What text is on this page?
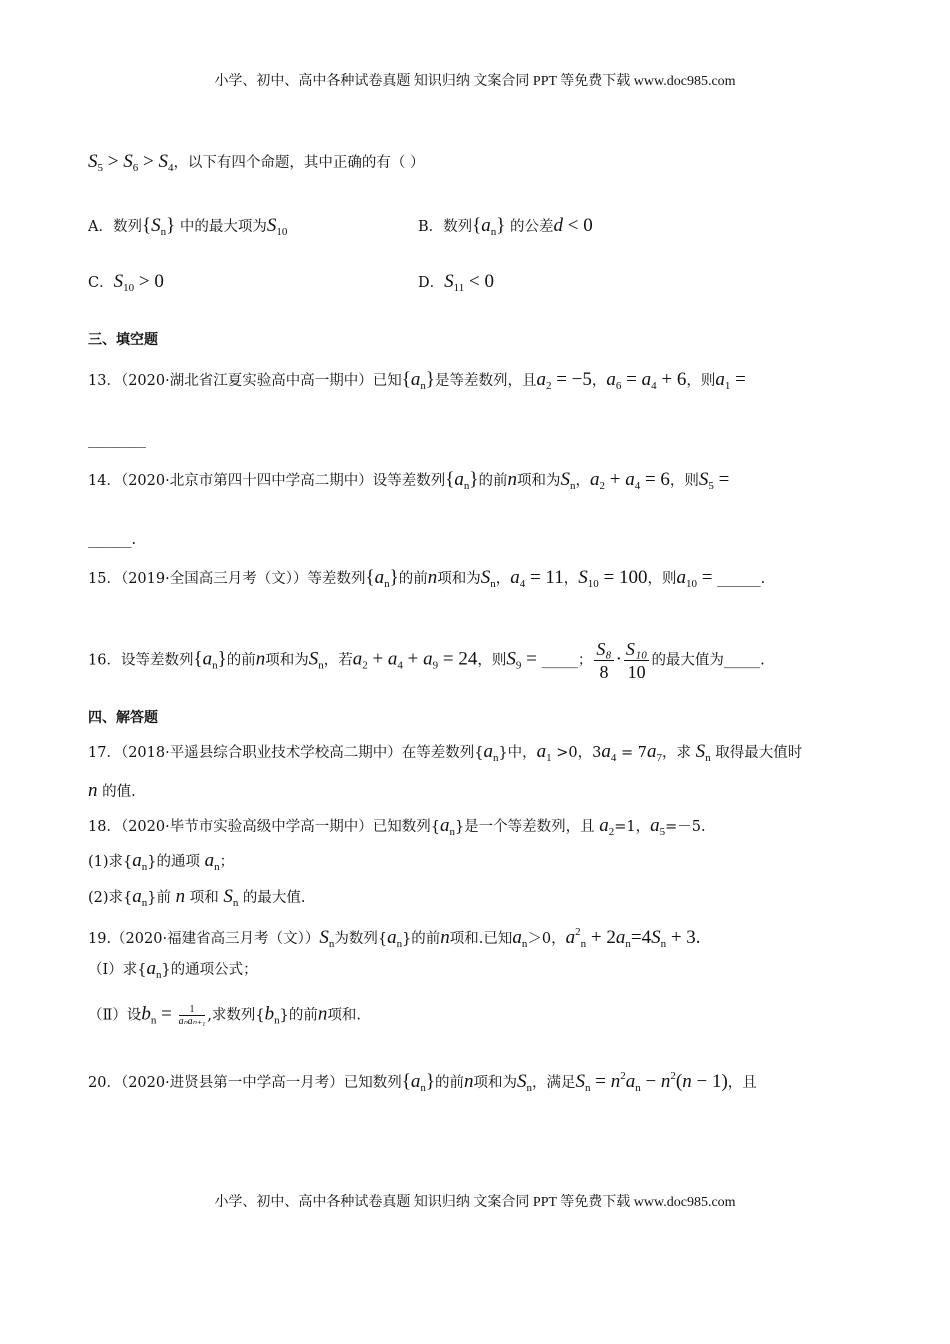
小学、初中、高中各种试卷真题 知识归纳 文案合同 PPT 等免费下载 www.doc985.com
$S_5 > S_6 > S_4$，以下有四个命题，其中正确的有（ ）
A．数列$\{S_n\}$ 中的最大项为$S_{10}$	B．数列$\{a_n\}$ 的公差d < 0
C．$S_{10} > 0$	D．$S_{11} < 0$
三、填空题
13．（2020·湖北省江夏实验高中高一期中）已知$\{a_n\}$是等差数列，且$a_2 = -5$，$a_6 = a_4 + 6$，则$a_1$ =
________
14．（2020·北京市第四十四中学高二期中）设等差数列$\{a_n\}$的前n项和为$S_n$，$a_2 + a_4 = 6$，则$S_5$ =
______.
15．（2019·全国高三月考（文））等差数列$\{a_n\}$的前n项和为$S_n$，$a_4 = 11$，$S_{10} = 100$，则$a_{10}$ = ______.
16．设等差数列$\{a_n\}$的前n项和为$S_n$，若$a_2 + a_4 + a_9 = 24$，则$S_9$ = _____； $\frac{\text{S₈}}{8} \cdot \frac{\text{S₁₀}}{10}$ 的最大值为_____.
四、解答题
17．（2018·平遥县综合职业技术学校高二期中）在等差数列$\{a_n\}$中，$a_1 >0$，$3a_4 = 7a_7$，求 $S_n$ 取得最大值时
n 的值.
18．（2020·毕节市实验高级中学高一期中）已知数列$\{a_n\}$是一个等差数列，且 $a_2=1$，$a_5=-5$.
(1)求$\{a_n\}$的通项 $a_n$；
(2)求$\{a_n\}$前 n 项和 $S_n$ 的最大值.
19.（2020·福建省高三月考（文））$S_n$为数列$\{a_n\}$的前n项和.已知$a_n>0$，$a^2_n + 2a_n=4S_n + 3$.
（Ⅰ）求$\{a_n\}$的通项公式；
（Ⅱ）设$b_n = \frac{1}{\text{aₙaₙ₊₁}}$ ,求数列$\{b_n\}$的前n项和.
20．（2020·进贤县第一中学高一月考）已知数列$\{a_n\}$的前n项和为$S_n$，满足$S_n = n^2a_n - n^2(n - 1)$，且
小学、初中、高中各种试卷真题 知识归纳 文案合同 PPT 等免费下载 www.doc985.com
